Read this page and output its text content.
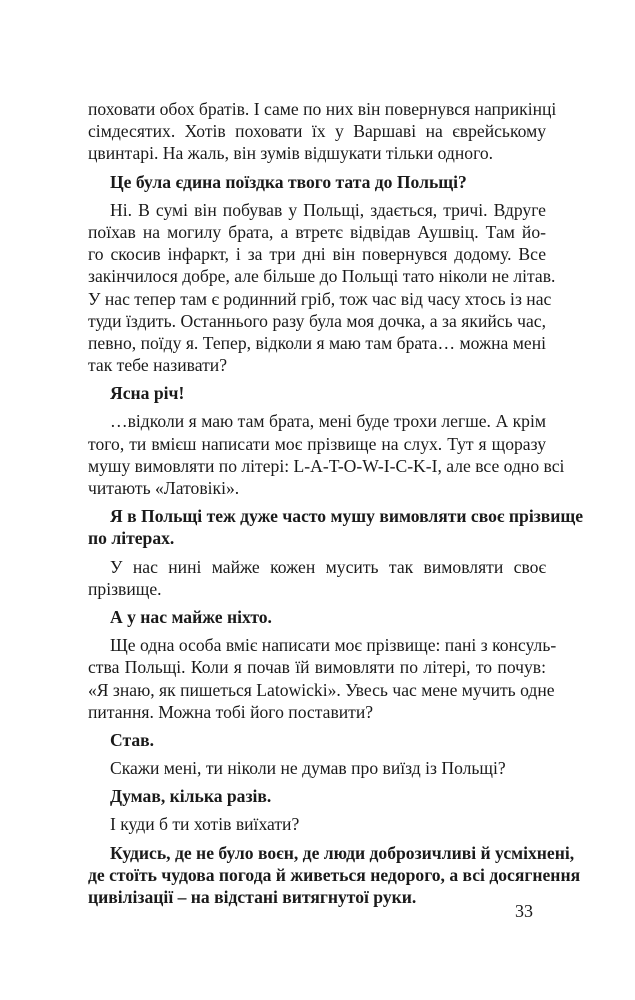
поховати обох братів. І саме по них він повернувся наприкінці
сімдесятих. Хотів поховати їх у Варшаві на єврейському
цвинтарі. На жаль, він зумів відшукати тільки одного.
Це була єдина поїздка твого тата до Польщі?
Ні. В сумі він побував у Польщі, здається, тричі. Вдруге
поїхав на могилу брата, а втретє відвідав Аушвіц. Там йо-
го скосив інфаркт, і за три дні він повернувся додому. Все
закінчилося добре, але більше до Польщі тато ніколи не літав.
У нас тепер там є родинний гріб, тож час від часу хтось із нас
туди їздить. Останнього разу була моя дочка, а за якийсь час,
певно, поїду я. Тепер, відколи я маю там брата… можна мені
так тебе називати?
Ясна річ!
…відколи я маю там брата, мені буде трохи легше. А крім
того, ти вмієш написати моє прізвище на слух. Тут я щоразу
мушу вимовляти по літері: L-A-T-O-W-I-C-K-I, але все одно всі
читають «Латовікі».
Я в Польщі теж дуже часто мушу вимовляти своє прізвище
по літерах.
У нас нині майже кожен мусить так вимовляти своє
прізвище.
А у нас майже ніхто.
Ще одна особа вміє написати моє прізвище: пані з консуль-
ства Польщі. Коли я почав їй вимовляти по літері, то почув:
«Я знаю, як пишеться Latowicki». Увесь час мене мучить одне
питання. Можна тобі його поставити?
Став.
Скажи мені, ти ніколи не думав про виїзд із Польщі?
Думав, кілька разів.
І куди б ти хотів виїхати?
Кудись, де не було воєн, де люди доброзичливі й усміхнені,
де стоїть чудова погода й живеться недорого, а всі досягнення
цивілізації – на відстані витягнутої руки.
33
